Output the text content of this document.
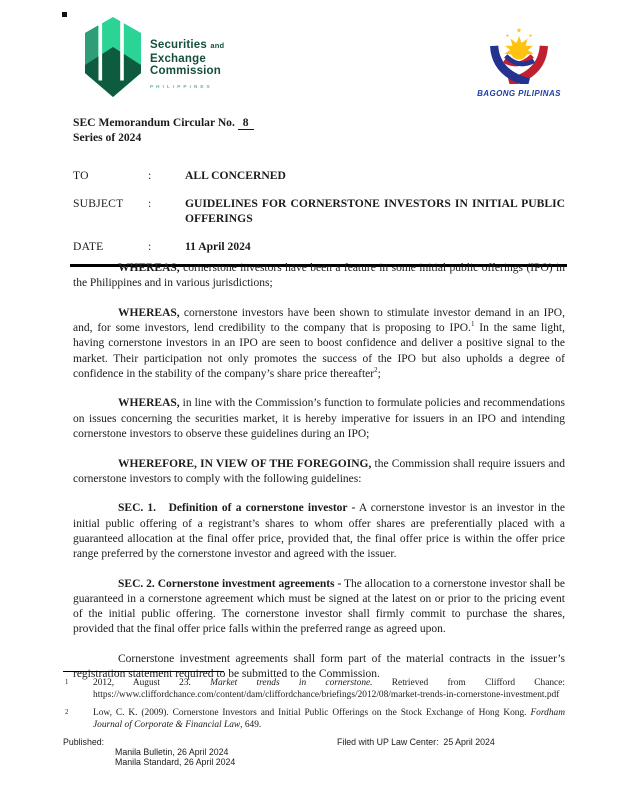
Securities and
Exchange
Commission
PHILIPPINES
★
★	★
BAGONG PILIPINAS
SEC Memorandum Circular No. 8
Series of 2024
TO	:	ALL CONCERNED
SUBJECT	:	GUIDELINES FOR CORNERSTONE INVESTORS IN INITIAL PUBLIC OFFERINGS
DATE	:	11 April 2024

WHEREAS, cornerstone investors have been a feature in some initial public offerings (IPO) in the Philippines and in various jurisdictions;

WHEREAS, cornerstone investors have been shown to stimulate investor demand in an IPO, and, for some investors, lend credibility to the company that is proposing to IPO.$^1$ In the same light, having cornerstone investors in an IPO are seen to boost confidence and deliver a positive signal to the market. Their participation not only promotes the success of the IPO but also upholds a degree of confidence in the stability of the company’s share price thereafter$^2$;

WHEREAS, in line with the Commission’s function to formulate policies and recommendations on issues concerning the securities market, it is hereby imperative for issuers in an IPO and intending cornerstone investors to observe these guidelines during an IPO;

WHEREFORE, IN VIEW OF THE FOREGOING, the Commission shall require issuers and cornerstone investors to comply with the following guidelines:

SEC. 1.   Definition of a cornerstone investor - A cornerstone investor is an investor in the initial public offering of a registrant’s shares to whom offer shares are preferentially placed with a guaranteed allocation at the final offer price, provided that, the final offer price is within the offer price range preferred by the cornerstone investor and agreed with the issuer.

SEC. 2. Cornerstone investment agreements - The allocation to a cornerstone investor shall be guaranteed in a cornerstone agreement which must be signed at the latest on or prior to the pricing event of the initial public offering. The cornerstone investor shall firmly commit to purchase the shares, provided that the final offer price falls within the preferred range as agreed upon.

Cornerstone investment agreements shall form part of the material contracts in the issuer’s registration statement required to be submitted to the Commission.

1	2012, August 23. Market trends in cornerstone. Retrieved from Clifford Chance: https://www.cliffordchance.com/content/dam/cliffordchance/briefings/2012/08/market-trends-in-cornerstone-investment.pdf
2	Low, C. K. (2009). Cornerstone Investors and Initial Public Offerings on the Stock Exchange of Hong Kong. Fordham Journal of Corporate & Financial Law, 649.
Published:
Manila Bulletin, 26 April 2024
Manila Standard, 26 April 2024
Filed with UP Law Center:  25 April 2024
